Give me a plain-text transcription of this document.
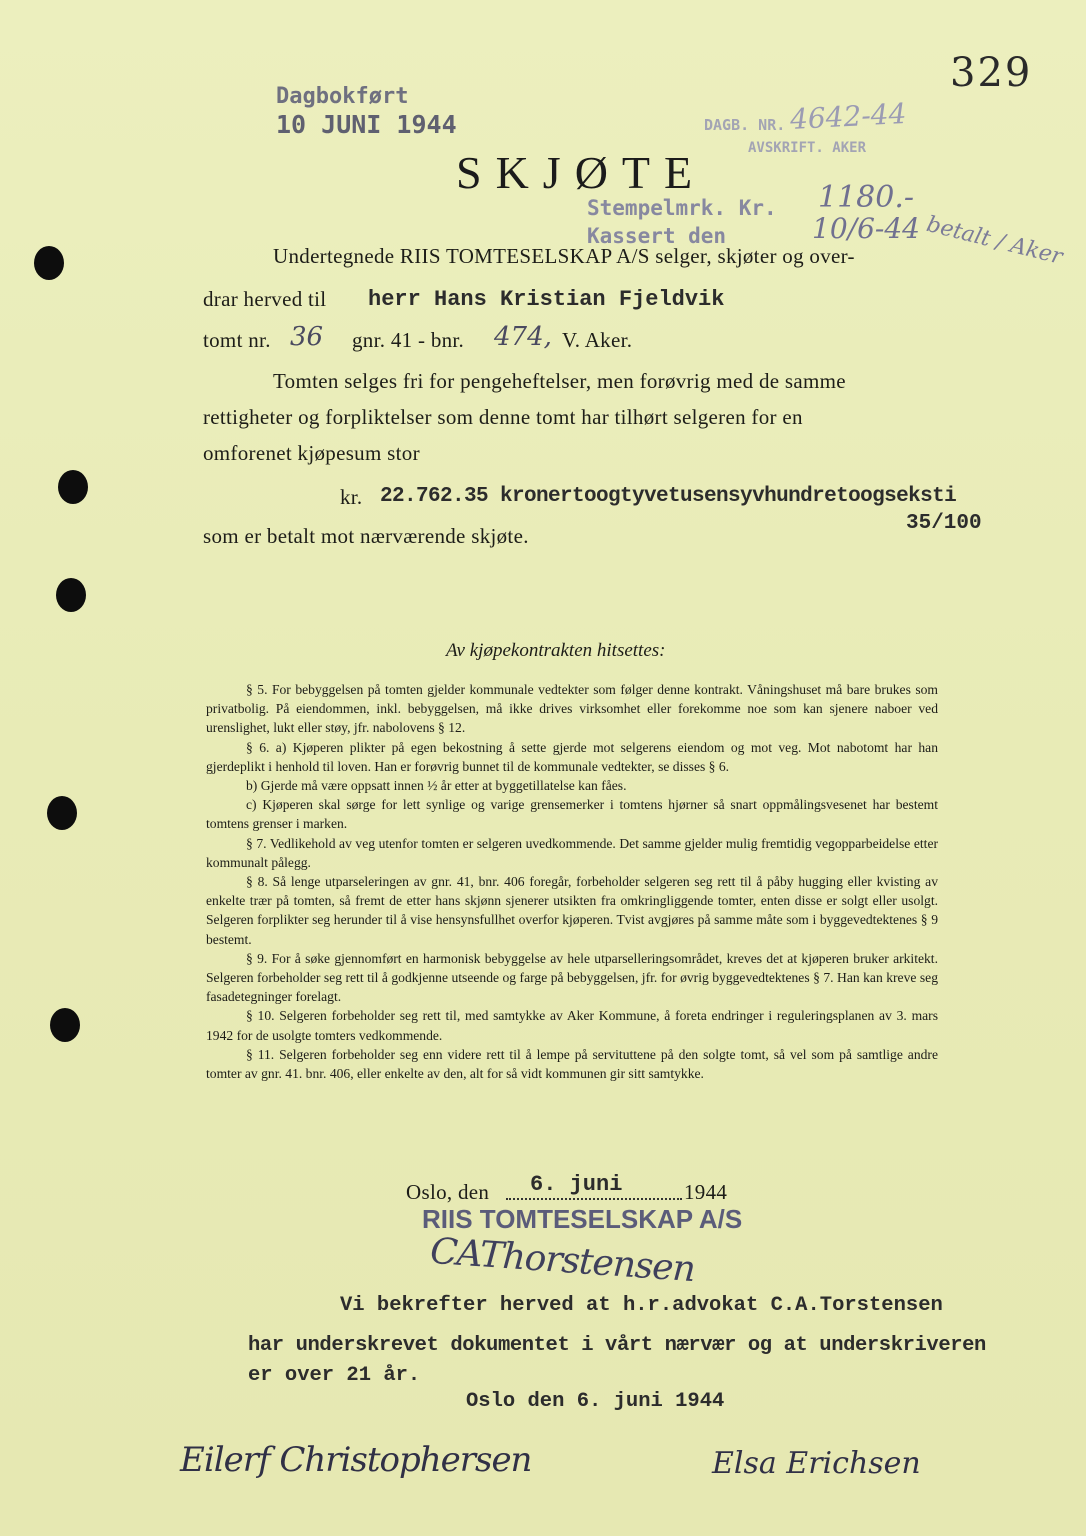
329
Dagbokført
10 JUNI 1944	DAGB. NR. 4642-44
AVSKRIFT. AKER
SKJØTE
Stempelmrk. Kr. 1180.-
Kassert den	10/6-44 betalt / Aker
Undertegnede RIIS TOMTESELSKAP A/S selger, skjøter og over-
drar herved til herr Hans Kristian Fjeldvik
tomt nr. 36 gnr. 41 - bnr. 474, V. Aker.
Tomten selges fri for pengeheftelser, men forøvrig med de samme
rettigheter og forpliktelser som denne tomt har tilhørt selgeren for en
omforenet kjøpesum stor
kr. 22.762.35 kronertoogtyvetusensyvhundretoogseksti
35/100
som er betalt mot nærværende skjøte.
Av kjøpekontrakten hitsettes:

§ 5. For bebyggelsen på tomten gjelder kommunale vedtekter som følger denne kontrakt. Våningshuset må bare brukes som privatbolig. På eiendommen, inkl. bebyggelsen, må ikke drives virksomhet eller forekomme noe som kan sjenere naboer ved urenslighet, lukt eller støy, jfr. nabolovens § 12.

§ 6. a) Kjøperen plikter på egen bekostning å sette gjerde mot selgerens eiendom og mot veg. Mot nabotomt har han gjerdeplikt i henhold til loven. Han er forøvrig bunnet til de kommunale vedtekter, se disses § 6.

b) Gjerde må være oppsatt innen ½ år etter at byggetillatelse kan fåes.

c) Kjøperen skal sørge for lett synlige og varige grensemerker i tomtens hjørner så snart oppmålingsvesenet har bestemt tomtens grenser i marken.

§ 7. Vedlikehold av veg utenfor tomten er selgeren uvedkommende. Det samme gjelder mulig fremtidig vegopparbeidelse etter kommunalt pålegg.

§ 8. Så lenge utparseleringen av gnr. 41, bnr. 406 foregår, forbeholder selgeren seg rett til å påby hugging eller kvisting av enkelte trær på tomten, så fremt de etter hans skjønn sjenerer utsikten fra omkringliggende tomter, enten disse er solgt eller usolgt. Selgeren forplikter seg herunder til å vise hensynsfullhet overfor kjøperen. Tvist avgjøres på samme måte som i byggevedtektenes § 9 bestemt.

§ 9. For å søke gjennomført en harmonisk bebyggelse av hele utparselleringsområdet, kreves det at kjøperen bruker arkitekt. Selgeren forbeholder seg rett til å godkjenne utseende og farge på bebyggelsen, jfr. for øvrig byggevedtektenes § 7. Han kan kreve seg fasadetegninger forelagt.

§ 10. Selgeren forbeholder seg rett til, med samtykke av Aker Kommune, å foreta endringer i reguleringsplanen av 3. mars 1942 for de usolgte tomters vedkommende.

§ 11. Selgeren forbeholder seg enn videre rett til å lempe på servituttene på den solgte tomt, så vel som på samtlige andre tomter av gnr. 41. bnr. 406, eller enkelte av den, alt for så vidt kommunen gir sitt samtykke.

Oslo, den 6. juni	1944
RIIS TOMTESELSKAP A/S
CAThorstensen
Vi bekrefter herved at h.r.advokat C.A.Torstensen
har underskrevet dokumentet i vårt nærvær og at underskriveren
er over 21 år.
Oslo den 6. juni 1944
Eilerf Christophersen	Elsa Erichsen
